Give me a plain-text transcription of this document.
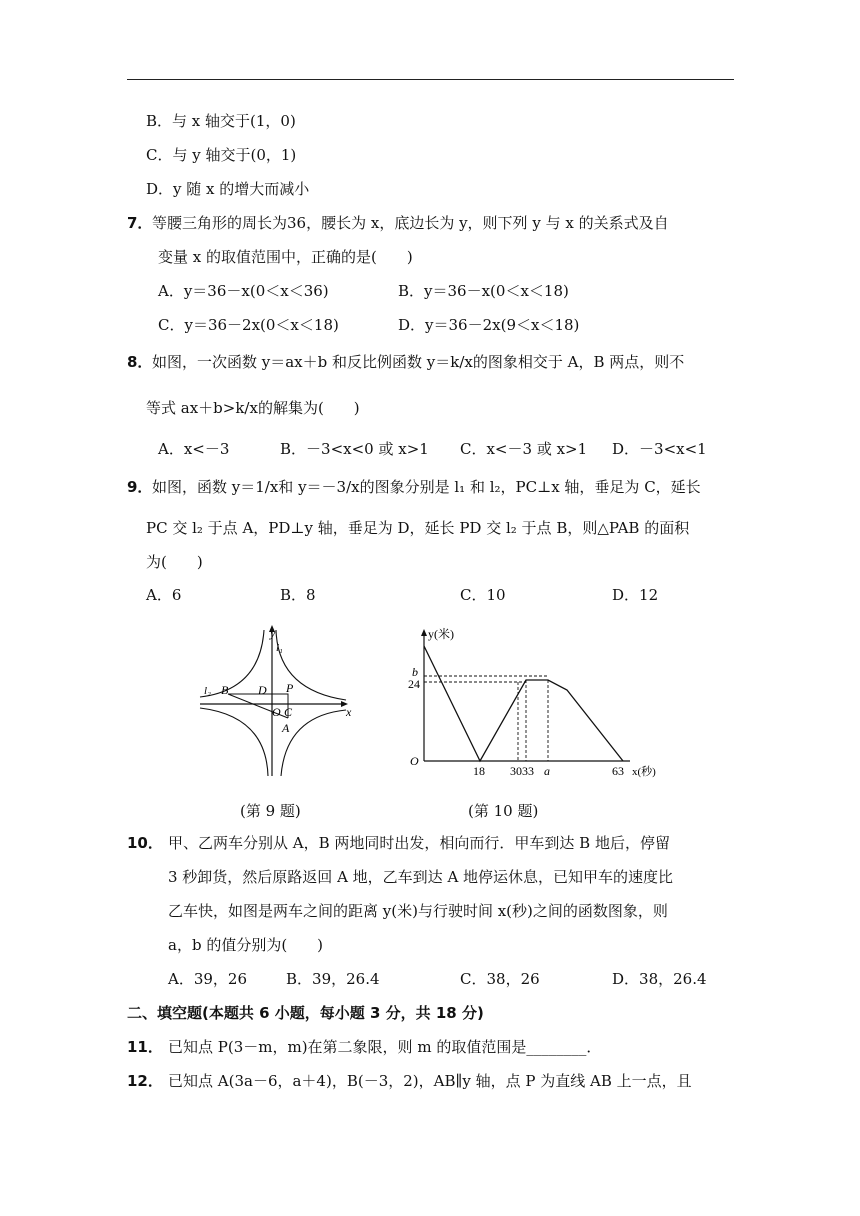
B．与 x 轴交于(1，0)
C．与 y 轴交于(0，1)
D．y 随 x 的增大而减小
7． 等腰三角形的周长为36，腰长为 x，底边长为 y，则下列 y 与 x 的关系式及自
变量 x 的取值范围中，正确的是(　　)
A．y＝36－x(0＜x＜36)	B．y＝36－x(0＜x＜18)
C．y＝36－2x(0＜x＜18)	D．y＝36－2x(9＜x＜18)
8． 如图，一次函数 y＝ax＋b 和反比例函数 y＝k/x的图象相交于 A，B 两点，则不
等式 ax＋b>k/x的解集为(　　)
A．x<－3	B．－3<x<0 或 x>1 C．x<－3 或 x>1 D．－3<x<1
9． 如图，函数 y＝1/x和 y＝－3/x的图象分别是 l₁ 和 l₂，PC⊥x 轴，垂足为 C，延长
PC 交 l₂ 于点 A，PD⊥y 轴，垂足为 D，延长 PD 交 l₂ 于点 B，则△PAB 的面积
为(　　)
A．6	B．8	C．10	D．12
y
x
l₁
l₂ B D P
O C
A
(第 9 题)
y(米)
x(秒)
O
b
24
18 3033 a	63
(第 10 题)
10． 甲、乙两车分别从 A，B 两地同时出发，相向而行．甲车到达 B 地后，停留
3 秒卸货，然后原路返回 A 地，乙车到达 A 地停运休息，已知甲车的速度比
乙车快，如图是两车之间的距离 y(米)与行驶时间 x(秒)之间的函数图象，则
a，b 的值分别为(　　)
A．39，26	B．39，26.4	C．38，26	D．38，26.4
二、填空题(本题共 6 小题，每小题 3 分，共 18 分)
11． 已知点 P(3－m，m)在第二象限，则 m 的取值范围是________．
12． 已知点 A(3a－6，a＋4)，B(－3，2)，AB∥y 轴，点 P 为直线 AB 上一点，且
